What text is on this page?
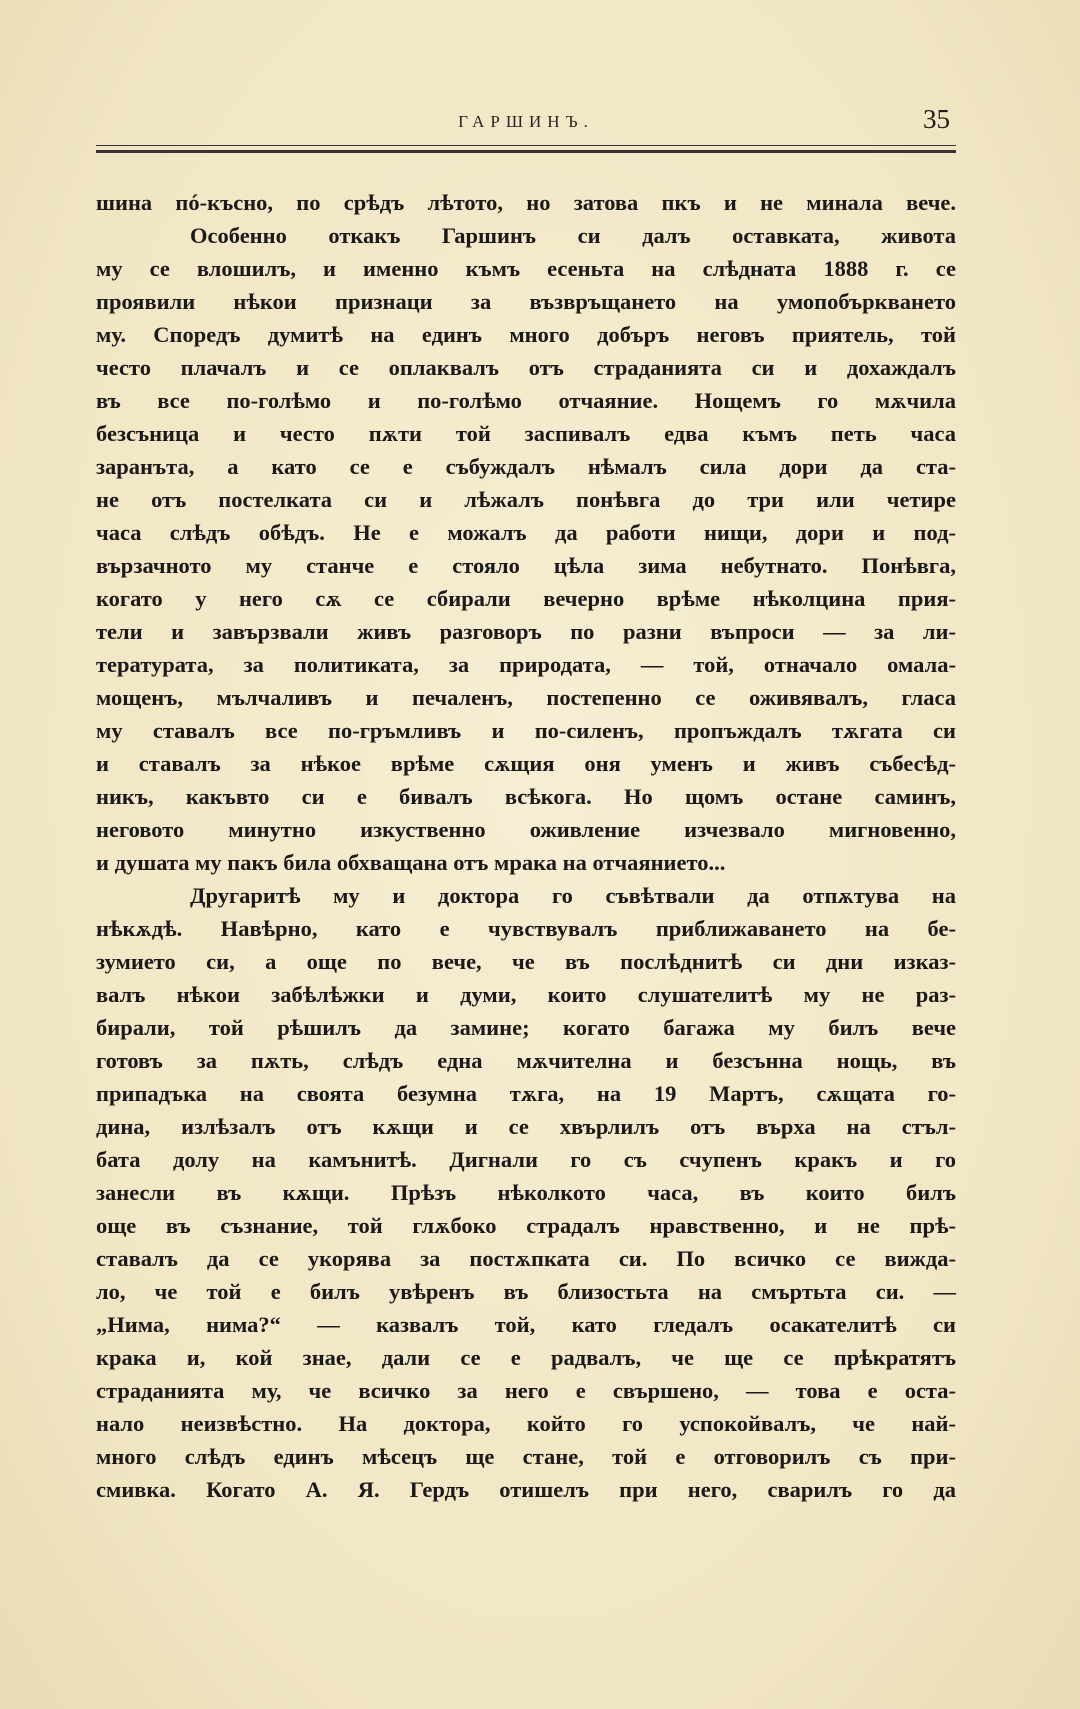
ГАРШИНЪ.	35
шина пó-късно, по срѣдъ лѣтото, но затова пкъ и не минала вече.
Особенно откакъ Гаршинъ си далъ оставката, живота
му се влошилъ, и именно къмъ есеньта на слѣдната 1888 г. се
проявили нѣкои признаци за възвръщането на умопобъркването
му. Споредъ думитѣ на единъ много добъръ неговъ приятель, той
често плачалъ и се оплаквалъ отъ страданията си и дохаждалъ
въ все по-голѣмо и по-голѣмо отчаяние. Нощемъ го мѫчила
безсъница и често пѫти той заспивалъ едва къмъ петь часа
заранъта, а като се е събуждалъ нѣмалъ сила дори да ста-
не отъ постелката си и лѣжалъ понѣвга до три или четире
часа слѣдъ обѣдъ. Не е можалъ да работи нищи, дори и под-
вързачното му станче е стояло цѣла зима небутнато. Понѣвга,
когато у него сѫ се сбирали вечерно врѣме нѣколцина прия-
тели и завързвали живъ разговоръ по разни въпроси — за ли-
тературата, за политиката, за природата, — той, отначало омала-
мощенъ, мълчаливъ и печаленъ, постепенно се оживявалъ, гласа
му ставалъ все по-гръмливъ и по-силенъ, пропъждалъ тѫгата си
и ставалъ за нѣкое врѣме сѫщия оня уменъ и живъ събесѣд-
никъ, какъвто си е бивалъ всѣкога. Но щомъ остане саминъ,
неговото минутно изкуственно оживление изчезвало мигновенно,
и душата му пакъ била обхващана отъ мрака на отчаянието...
Другаритѣ му и доктора го съвѣтвали да отпѫтува на
нѣкѫдѣ. Навѣрно, като е чувствувалъ приближаването на бе-
зумието си, а още по вече, че въ послѣднитѣ си дни изказ-
валъ нѣкои забѣлѣжки и думи, които слушателитѣ му не раз-
бирали, той рѣшилъ да замине; когато багажа му билъ вече
готовъ за пѫть, слѣдъ една мѫчителна и безсънна нощь, въ
припадъка на своята безумна тѫга, на 19 Мартъ, сѫщата го-
дина, излѣзалъ отъ кѫщи и се хвърлилъ отъ върха на стъл-
бата долу на камънитѣ. Дигнали го съ счупенъ кракъ и го
занесли въ кѫщи. Прѣзъ нѣколкото часа, въ които билъ
още въ съзнание, той глѫбоко страдалъ нравственно, и не прѣ-
ставалъ да се укорява за постѫпката си. По всичко се вижда-
ло, че той е билъ увѣренъ въ близостьта на смъртьта си. —
„Нима, нима?“ — казвалъ той, като гледалъ осакателитѣ си
крака и, кой знае, дали се е радвалъ, че ще се прѣкратятъ
страданията му, че всичко за него е свършено, — това е оста-
нало неизвѣстно. На доктора, който го успокойвалъ, че най-
много слѣдъ единъ мѣсецъ ще стане, той е отговорилъ съ при-
смивка. Когато А. Я. Гердъ отишелъ при него, сварилъ го да
